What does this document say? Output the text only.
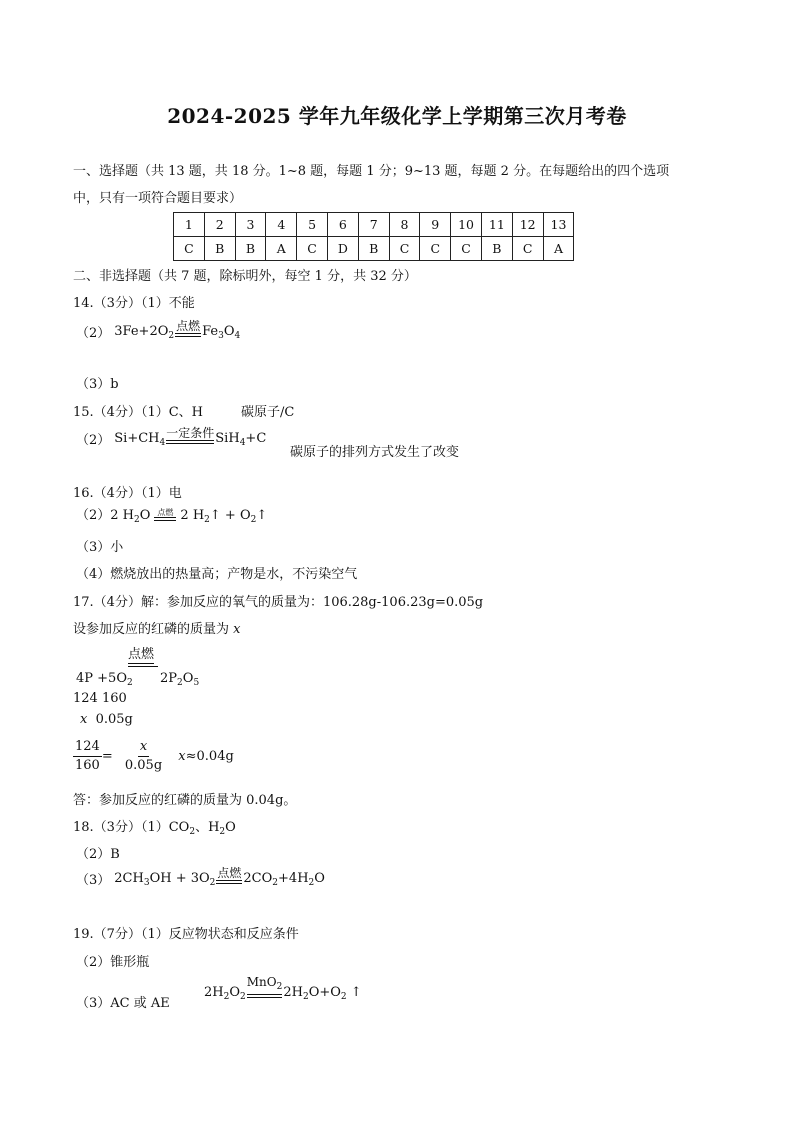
2024-2025 学年九年级化学上学期第三次月考卷
一、选择题（共 13 题，共 18 分。1~8 题，每题 1 分；9~13 题，每题 2 分。在每题给出的四个选项
中，只有一项符合题目要求）
1	2	3	4	5	6	7	8	9	10	11	12	13
C	B	B	A	C	D	B	C	C	C	B	C	A
二、非选择题（共 7 题，除标明外，每空 1 分，共 32 分）
14.（3分）（1）不能
（2） $3Fe+2O_2$
点燃 $Fe_3O_4$
（3）b
15.（4分）（1）C、H	碳原子/C
（2） $Si+CH_4$
一定条件 SiH$_4$+C
碳原子的排列方式发生了改变
16.（4分）（1）电
（2）2 $H_2O$ 点燃 2 $H_2↑$ + $O_2↑$
（3）小
（4）燃烧放出的热量高；产物是水，不污染空气
17.（4分）解：参加反应的氧气的质量为：106.28g-106.23g=0.05g
设参加反应的红磷的质量为 x
点燃
$4P +5O_2$ $2P_2O_5$
124 160
x 0.05g
$\frac{124}{160} = \frac{x}{0.05g} x\approx 0.04g$
答：参加反应的红磷的质量为 0.04g。
18.（3分）$(1)CO_2$、$H_2O$
（2）B
（3） $2CH_3OH + 3O_2$
点燃 $2CO_2+4H_2O$
19.（7分）（1）反应物状态和反应条件
（2）锥形瓶
（3）AC 或 AE
$2H_2O_2$
MnO$_2$ $2H_2O+O_2$ ↑
